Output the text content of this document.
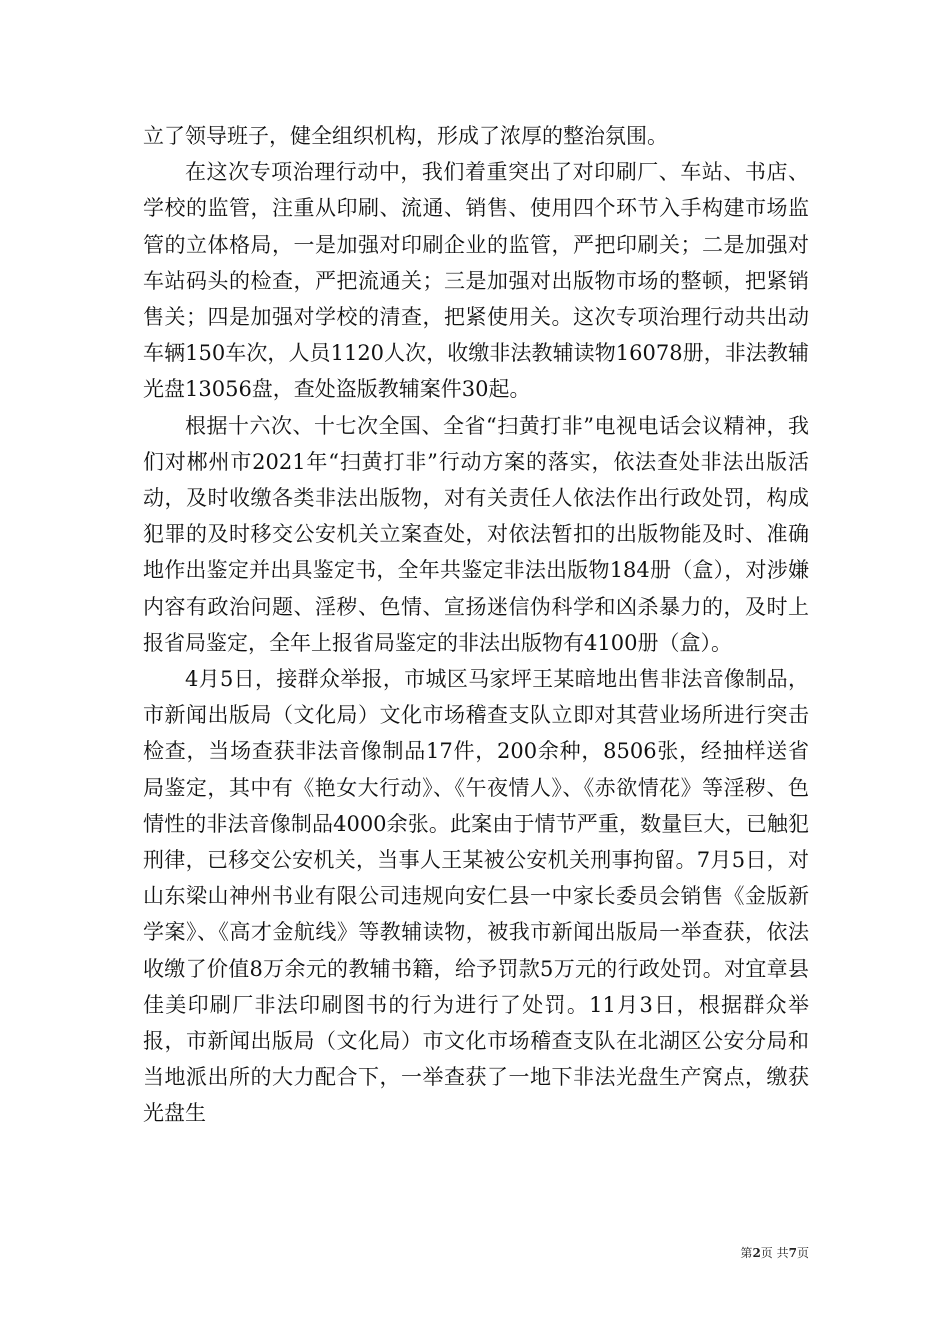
立了领导班子，健全组织机构，形成了浓厚的整治氛围。

在这次专项治理行动中，我们着重突出了对印刷厂、车站、书店、学校的监管，注重从印刷、流通、销售、使用四个环节入手构建市场监管的立体格局，一是加强对印刷企业的监管，严把印刷关；二是加强对车站码头的检查，严把流通关；三是加强对出版物市场的整顿，把紧销售关；四是加强对学校的清查，把紧使用关。这次专项治理行动共出动车辆150车次，人员1120人次，收缴非法教辅读物16078册，非法教辅光盘13056盘，查处盗版教辅案件30起。

根据十六次、十七次全国、全省“扫黄打非”电视电话会议精神，我们对郴州市2021年“扫黄打非”行动方案的落实，依法查处非法出版活动，及时收缴各类非法出版物，对有关责任人依法作出行政处罚，构成犯罪的及时移交公安机关立案查处，对依法暂扣的出版物能及时、准确地作出鉴定并出具鉴定书，全年共鉴定非法出版物184册（盒），对涉嫌内容有政治问题、淫秽、色情、宣扬迷信伪科学和凶杀暴力的，及时上报省局鉴定，全年上报省局鉴定的非法出版物有4100册（盒）。

4月5日，接群众举报，市城区马家坪王某暗地出售非法音像制品，市新闻出版局（文化局）文化市场稽查支队立即对其营业场所进行突击检查，当场查获非法音像制品17件，200余种，8506张，经抽样送省局鉴定，其中有《艳女大行动》、《午夜情人》、《赤欲情花》等淫秽、色情性的非法音像制品4000余张。此案由于情节严重，数量巨大，已触犯刑律，已移交公安机关，当事人王某被公安机关刑事拘留。7月5日，对山东梁山神州书业有限公司违规向安仁县一中家长委员会销售《金版新学案》、《高才金航线》等教辅读物，被我市新闻出版局一举查获，依法收缴了价值8万余元的教辅书籍，给予罚款5万元的行政处罚。对宜章县佳美印刷厂非法印刷图书的行为进行了处罚。11月3日，根据群众举报，市新闻出版局（文化局）市文化市场稽查支队在北湖区公安分局和当地派出所的大力配合下，一举查获了一地下非法光盘生产窝点，缴获光盘生

第2页 共7页
